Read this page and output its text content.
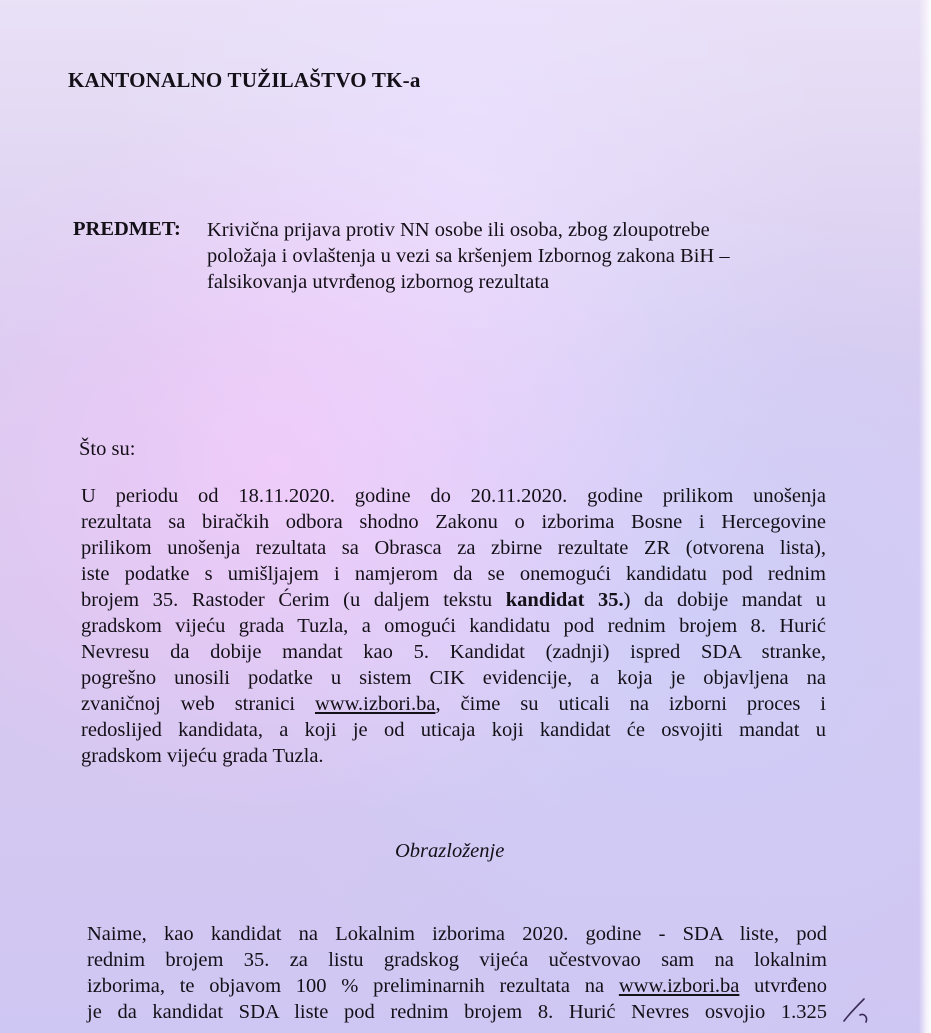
KANTONALNO TUŽILAŠTVO TK-a
PREDMET: Krivična prijava protiv NN osobe ili osoba, zbog zloupotrebe
položaja i ovlaštenja u vezi sa kršenjem Izbornog zakona BiH –
falsikovanja utvrđenog izbornog rezultata
Što su:
U periodu od 18.11.2020. godine do 20.11.2020. godine prilikom unošenja
rezultata sa biračkih odbora shodno Zakonu o izborima Bosne i Hercegovine
prilikom unošenja rezultata sa Obrasca za zbirne rezultate ZR (otvorena lista),
iste podatke s umišljajem i namjerom da se onemogući kandidatu pod rednim
brojem 35. Rastoder Ćerim (u daljem tekstu kandidat 35.) da dobije mandat u
gradskom vijeću grada Tuzla, a omogući kandidatu pod rednim brojem 8. Hurić
Nevresu da dobije mandat kao 5. Kandidat (zadnji) ispred SDA stranke,
pogrešno unosili podatke u sistem CIK evidencije, a koja je objavljena na
zvaničnoj web stranici www.izbori.ba, čime su uticali na izborni proces i
redoslijed kandidata, a koji je od uticaja koji kandidat će osvojiti mandat u
gradskom vijeću grada Tuzla.
Obrazloženje
Naime, kao kandidat na Lokalnim izborima 2020. godine - SDA liste, pod
rednim brojem 35. za listu gradskog vijeća učestvovao sam na lokalnim
izborima, te objavom 100 % preliminarnih rezultata na www.izbori.ba utvrđeno
je da kandidat SDA liste pod rednim brojem 8. Hurić Nevres osvojio 1.325
